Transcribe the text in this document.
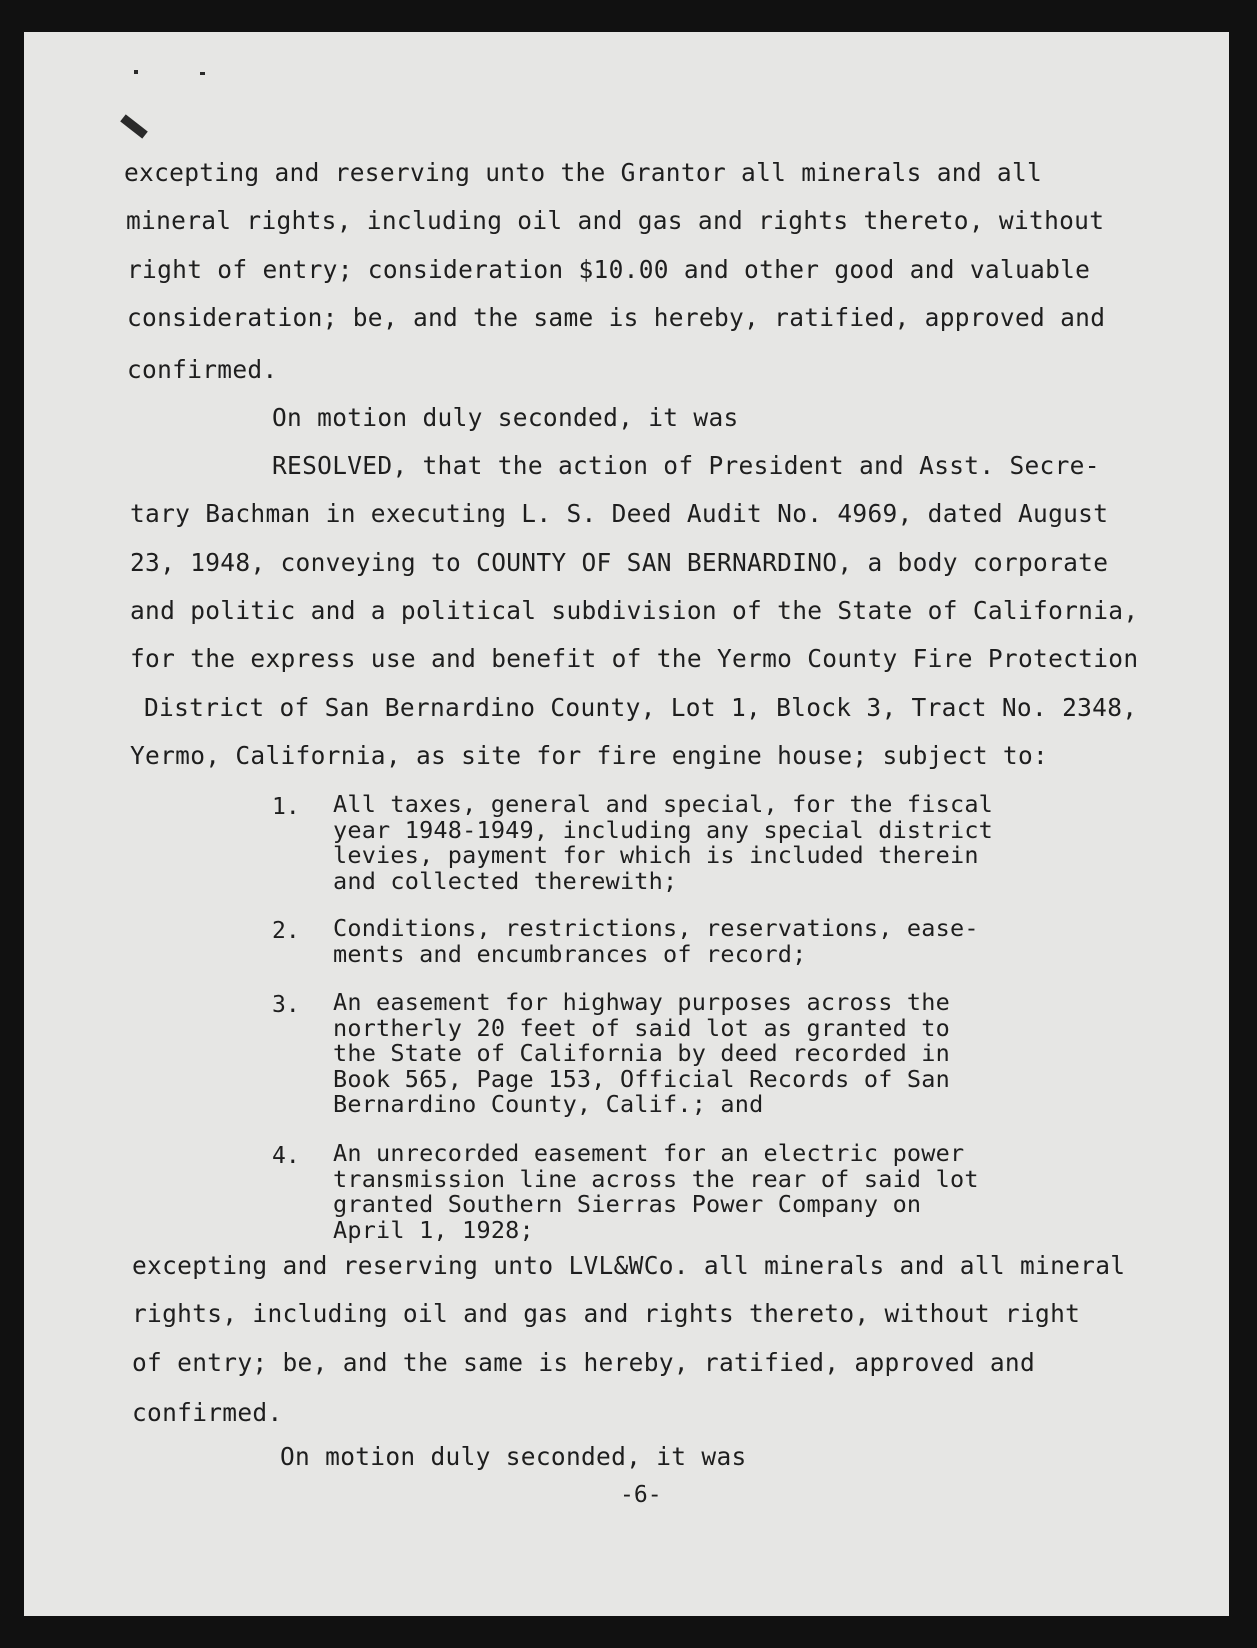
excepting and reserving unto the Grantor all minerals and all
mineral rights, including oil and gas and rights thereto, without
right of entry; consideration $10.00 and other good and valuable
consideration; be, and the same is hereby, ratified, approved and
confirmed.
On motion duly seconded, it was
RESOLVED, that the action of President and Asst. Secre-
tary Bachman in executing L. S. Deed Audit No. 4969, dated August
23, 1948, conveying to COUNTY OF SAN BERNARDINO, a body corporate
and politic and a political subdivision of the State of California,
for the express use and benefit of the Yermo County Fire Protection
District of San Bernardino County, Lot 1, Block 3, Tract No. 2348,
Yermo, California, as site for fire engine house; subject to:
1. All taxes, general and special, for the fiscal
year 1948-1949, including any special district
levies, payment for which is included therein
and collected therewith;
2. Conditions, restrictions, reservations, ease-
ments and encumbrances of record;
3. An easement for highway purposes across the
northerly 20 feet of said lot as granted to
the State of California by deed recorded in
Book 565, Page 153, Official Records of San
Bernardino County, Calif.; and
4. An unrecorded easement for an electric power
transmission line across the rear of said lot
granted Southern Sierras Power Company on
April 1, 1928;
excepting and reserving unto LVL&WCo. all minerals and all mineral
rights, including oil and gas and rights thereto, without right
of entry; be, and the same is hereby, ratified, approved and
confirmed.
On motion duly seconded, it was
-6-
